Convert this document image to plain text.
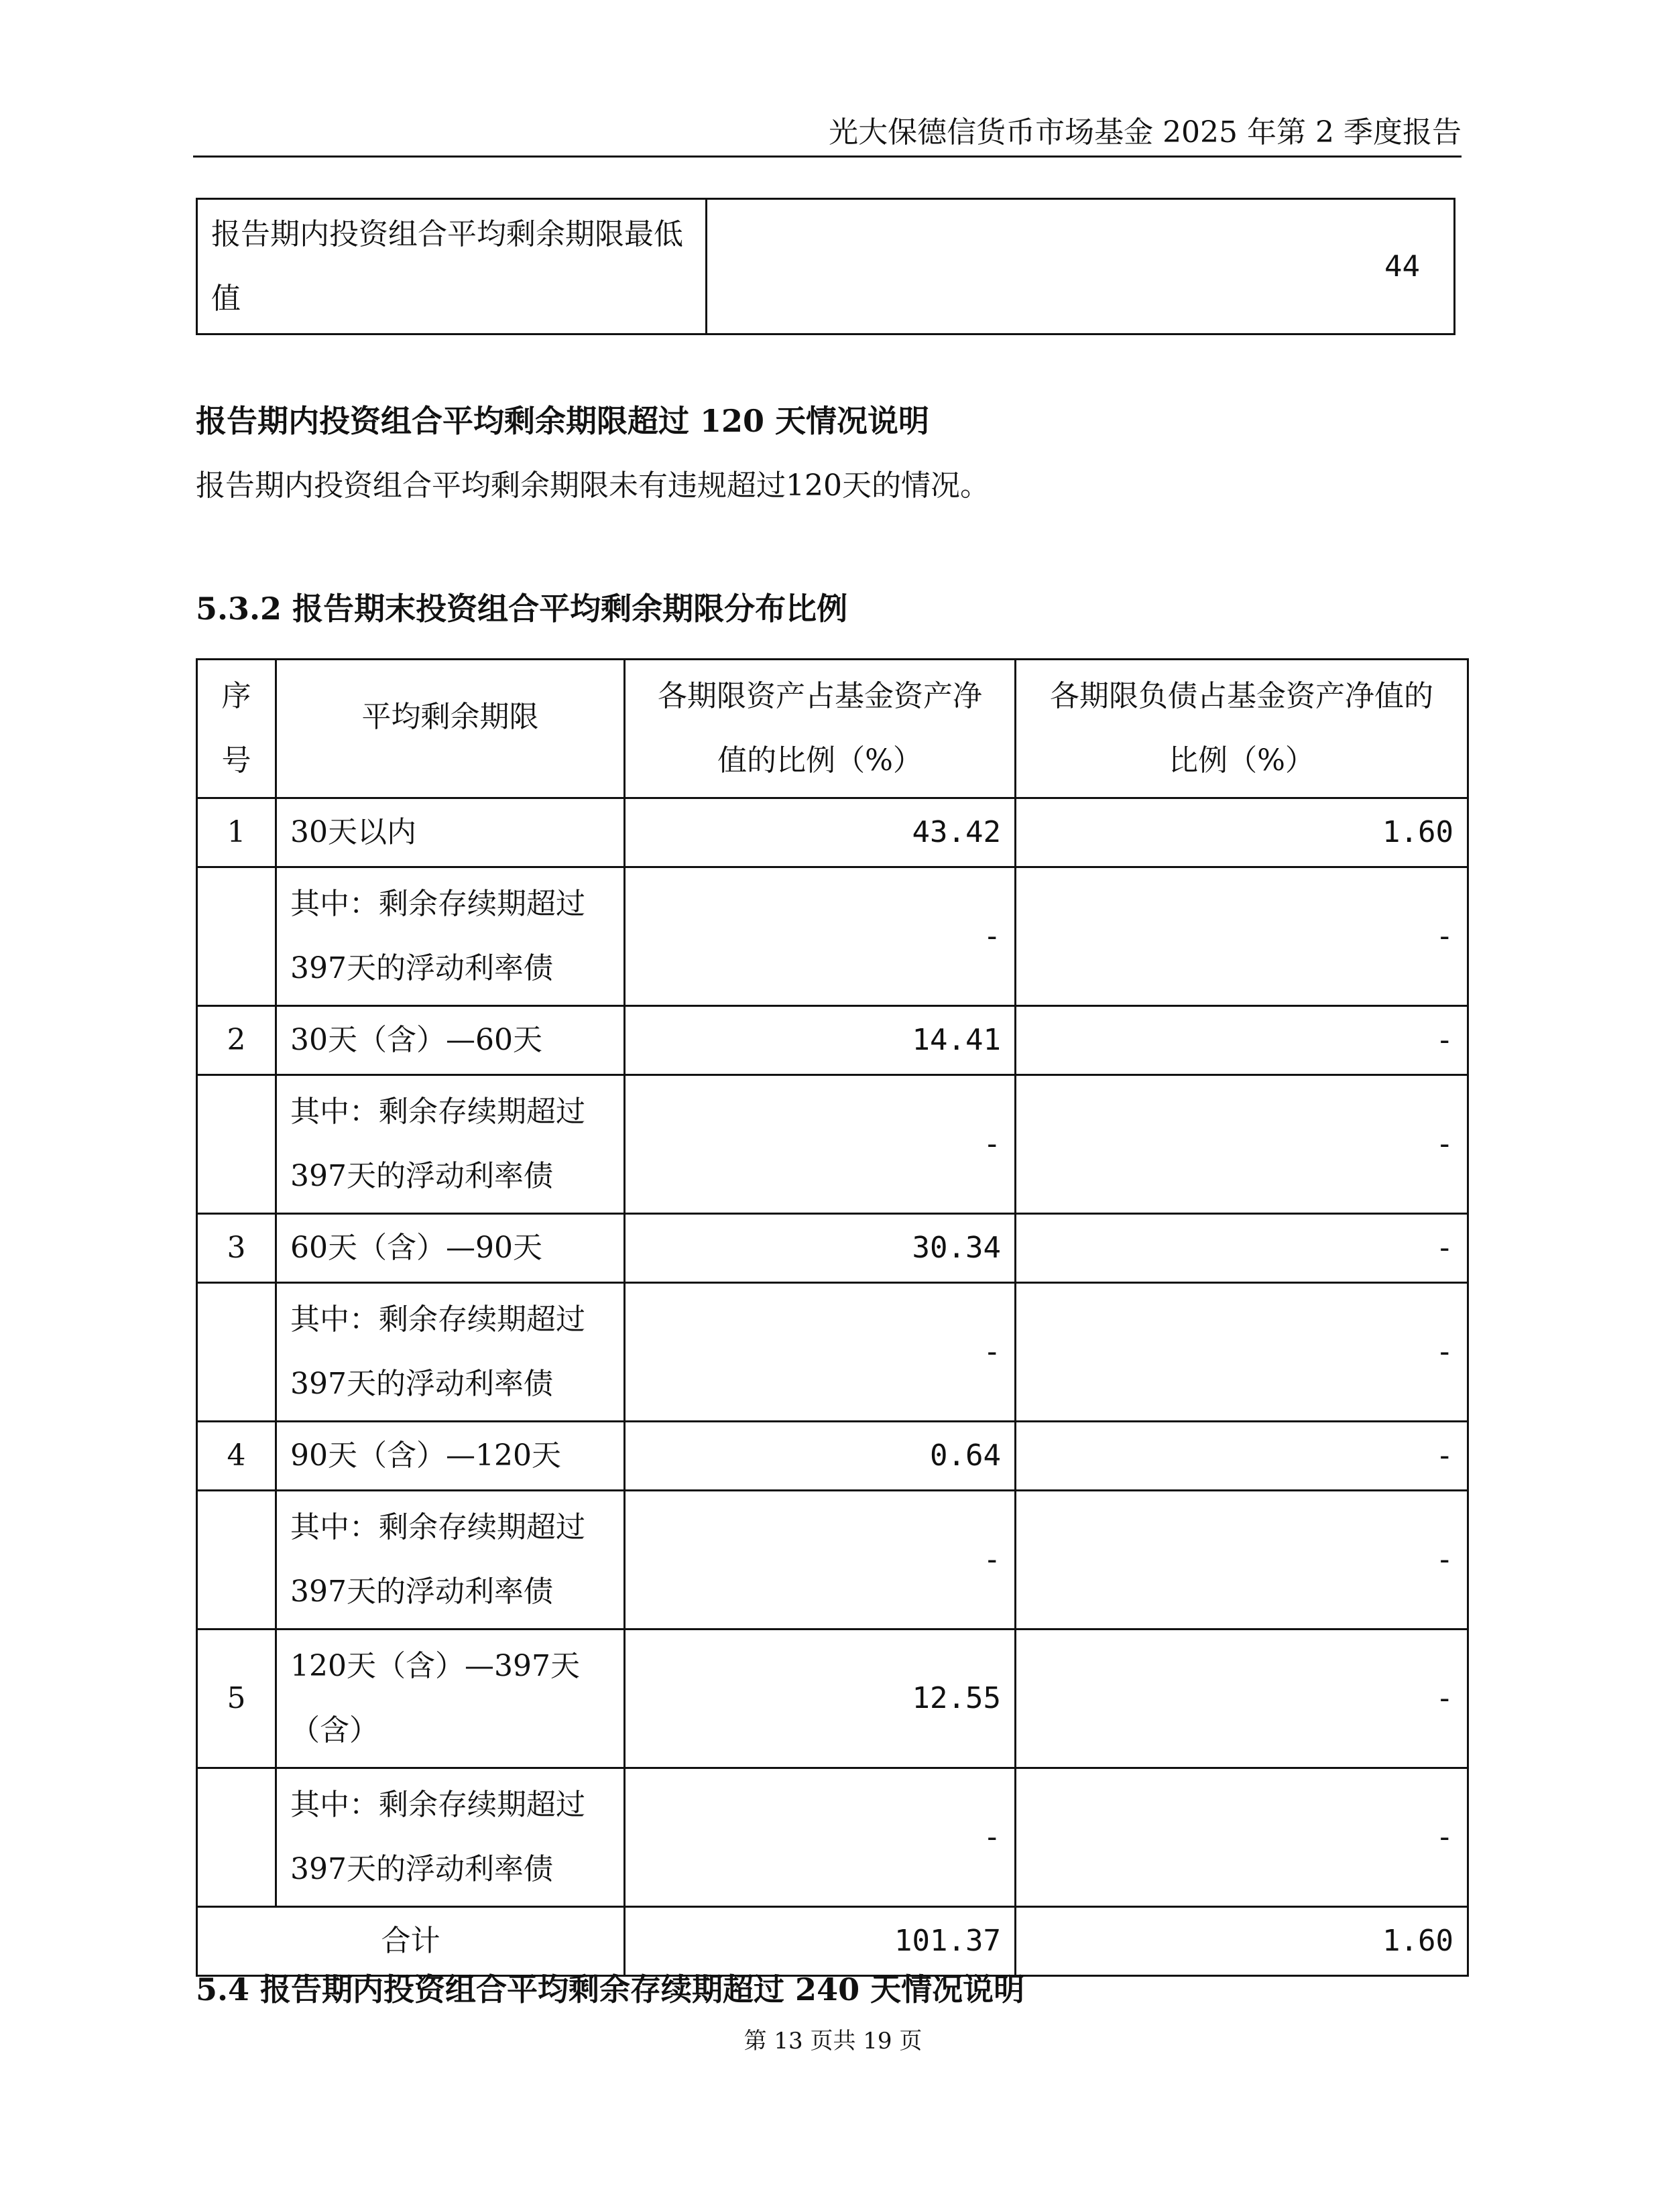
光大保德信货币市场基金 2025 年第 2 季度报告
报告期内投资组合平均剩余期限最低值	44
报告期内投资组合平均剩余期限超过 120 天情况说明
报告期内投资组合平均剩余期限未有违规超过120天的情况。
5.3.2 报告期末投资组合平均剩余期限分布比例
序号	平均剩余期限	各期限资产占基金资产净值的比例（%）	各期限负债占基金资产净值的比例（%）
1	30天以内	43.42	1.60
	其中：剩余存续期超过397天的浮动利率债	-	-
2	30天（含）—60天	14.41	-
	其中：剩余存续期超过397天的浮动利率债	-	-
3	60天（含）—90天	30.34	-
	其中：剩余存续期超过397天的浮动利率债	-	-
4	90天（含）—120天	0.64	-
	其中：剩余存续期超过397天的浮动利率债	-	-
5	120天（含）—397天（含）	12.55	-
	其中：剩余存续期超过397天的浮动利率债	-	-
合计		101.37	1.60
5.4 报告期内投资组合平均剩余存续期超过 240 天情况说明
第 13 页共 19 页
